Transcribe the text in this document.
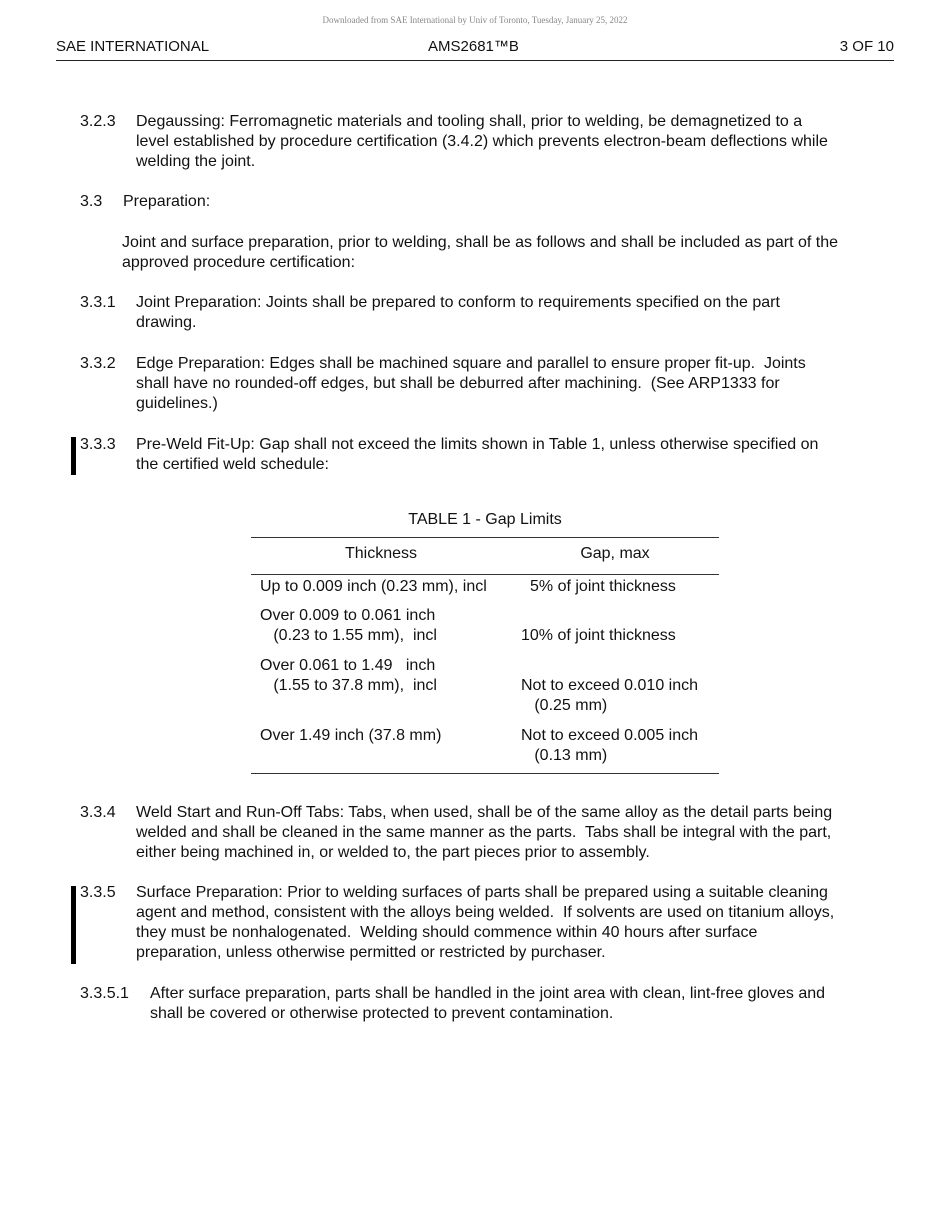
Downloaded from SAE International by Univ of Toronto, Tuesday, January 25, 2022
SAE INTERNATIONAL	AMS2681™B	3 OF 10
3.2.3 Degaussing: Ferromagnetic materials and tooling shall, prior to welding, be demagnetized to a
level established by procedure certification (3.4.2) which prevents electron-beam deflections while
welding the joint.
3.3 Preparation:
Joint and surface preparation, prior to welding, shall be as follows and shall be included as part of the
approved procedure certification:
3.3.1 Joint Preparation: Joints shall be prepared to conform to requirements specified on the part
drawing.
3.3.2 Edge Preparation: Edges shall be machined square and parallel to ensure proper fit-up.  Joints
shall have no rounded-off edges, but shall be deburred after machining.  (See ARP1333 for
guidelines.)
3.3.3 Pre-Weld Fit-Up: Gap shall not exceed the limits shown in Table 1, unless otherwise specified on
the certified weld schedule:
TABLE 1 - Gap Limits
Thickness	Gap, max
Up to 0.009 inch (0.23 mm), incl	5% of joint thickness
Over 0.009 to 0.061 inch
(0.23 to 1.55 mm),  incl	10% of joint thickness
Over 0.061 to 1.49   inch
(1.55 to 37.8 mm),  incl	Not to exceed 0.010 inch
(0.25 mm)
Over 1.49 inch (37.8 mm)	Not to exceed 0.005 inch
(0.13 mm)
3.3.4 Weld Start and Run-Off Tabs: Tabs, when used, shall be of the same alloy as the detail parts being
welded and shall be cleaned in the same manner as the parts.  Tabs shall be integral with the part,
either being machined in, or welded to, the part pieces prior to assembly.
3.3.5 Surface Preparation: Prior to welding surfaces of parts shall be prepared using a suitable cleaning
agent and method, consistent with the alloys being welded.  If solvents are used on titanium alloys,
they must be nonhalogenated.  Welding should commence within 40 hours after surface
preparation, unless otherwise permitted or restricted by purchaser.
3.3.5.1 After surface preparation, parts shall be handled in the joint area with clean, lint-free gloves and
shall be covered or otherwise protected to prevent contamination.
